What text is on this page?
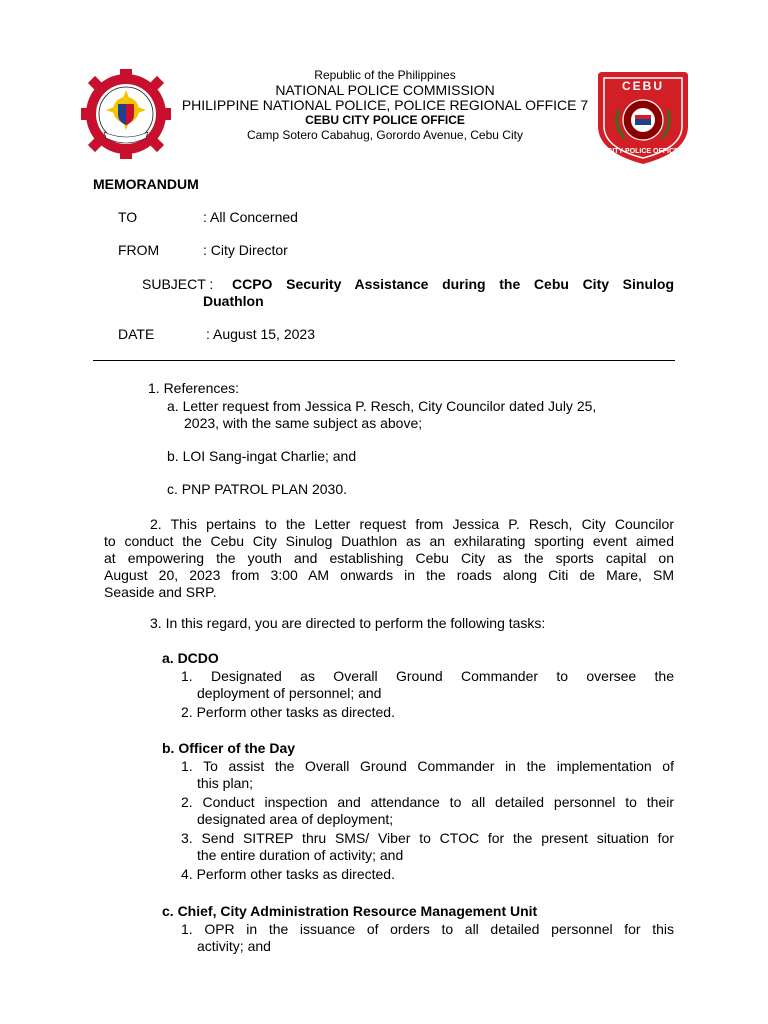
CEBU
CITY POLICE OFFICE
Republic of the Philippines
NATIONAL POLICE COMMISSION
PHILIPPINE NATIONAL POLICE, POLICE REGIONAL OFFICE 7
CEBU CITY POLICE OFFICE
Camp Sotero Cabahug, Gorordo Avenue, Cebu City
MEMORANDUM
TO	: All Concerned
FROM	: City Director
SUBJECT : CCPO Security Assistance during the Cebu City Sinulog
Duathlon
DATE	: August 15, 2023
1. References:
a. Letter request from Jessica P. Resch, City Councilor dated July 25,
2023, with the same subject as above;
b. LOI Sang-ingat Charlie; and
c. PNP PATROL PLAN 2030.
2. This pertains to the Letter request from Jessica P. Resch, City Councilor
to conduct the Cebu City Sinulog Duathlon as an exhilarating sporting event aimed
at empowering the youth and establishing Cebu City as the sports capital on
August 20, 2023 from 3:00 AM onwards in the roads along Citi de Mare, SM
Seaside and SRP.
3. In this regard, you are directed to perform the following tasks:
a. DCDO
1. Designated as Overall Ground Commander to oversee the
deployment of personnel; and
2. Perform other tasks as directed.
b. Officer of the Day
1. To assist the Overall Ground Commander in the implementation of
this plan;
2. Conduct inspection and attendance to all detailed personnel to their
designated area of deployment;
3. Send SITREP thru SMS/ Viber to CTOC for the present situation for
the entire duration of activity; and
4. Perform other tasks as directed.
c. Chief, City Administration Resource Management Unit
1. OPR in the issuance of orders to all detailed personnel for this
activity; and
